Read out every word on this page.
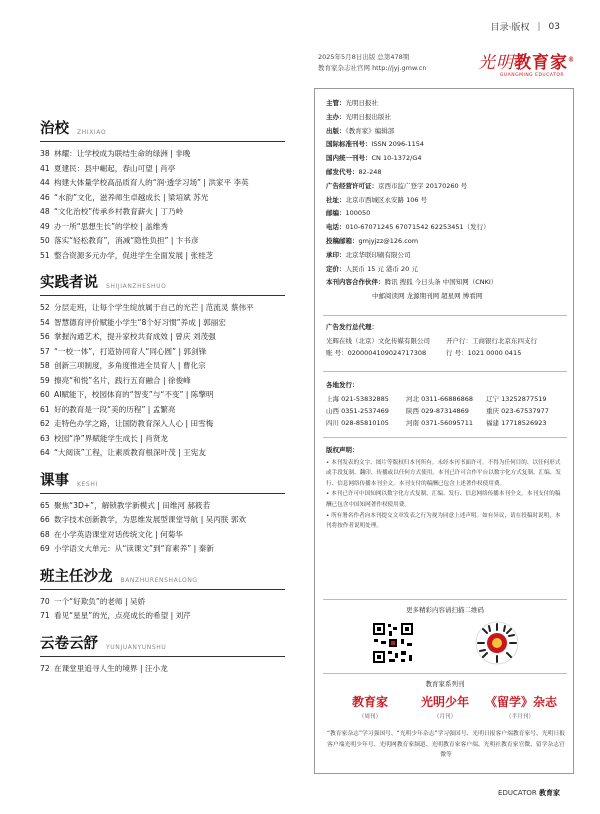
目录·版权 | 03
2025年5月8日出版 总第478期
教育家杂志社官网 http://jyj.gmw.cn	光明教育家®
GUANGMING EDUCATOR
治校 ZHIXIAO
38 林耀：让学校成为联结生命的绿洲 | 非晚
41 夏建民：县中崛起，春山可望 | 肖亭
44 构建大体量学校高品质育人的“润·透学习场” | 洪家平 李英
46 “水韵”文化，滋养师生卓越成长 | 梁培斌 苏光
48 “文化治校”传承乡村教育薪火 | 丁乃岭
49 办一所“思想生长”的学校 | 盖维秀
50 落实“轻松教育”，消减“隐性负担” | 卞书彦
51 整合资源多元办学，促进学生全面发展 | 张桂芝
实践者说 SHIJIANZHESHUO
52 分层走班，让每个学生绽放属于自己的光芒 | 范流灵 蔡伟平
54 智慧德育评价赋能小学生“8个好习惯”养成 | 郭丽宏
56 掌握沟通艺术，提升家校共育成效 | 曾庆 刘茂强
57 “一校一体”，打造协同育人“同心圆” | 郭剑锋
58 创新三项制度，多角度推进全员育人 | 曹化宗
59 擦亮“和悦”名片，践行五育融合 | 徐俊峰
60 AI赋能下，校园体育的“智变”与“不变” | 陈擎明
61 好的教育是一段“美的历程” | 孟繁亮
62 走特色办学之路，让国防教育深入人心 | 田雪梅
63 校园“净”界赋能学生成长 | 肖贤龙
64 “大阅读”工程，让素质教育根深叶茂 | 王宪友
课事 KESHI
65 聚焦“3D+”，解锁教学新模式 | 田维河 郝筱若
66 数字技术创新教学，为思维发展型课堂导航 | 吴丙朕 郭欢
68 在小学英语课堂对话传统文化 | 何菊华
69 小学语文大单元：从“读课文”到“育素养” | 秦新
班主任沙龙 BANZHURENSHALONG
70 一个“好欺负”的老师 | 吴娇
71 看见“星星”的光，点亮成长的希望 | 刘芹
云卷云舒 YUNJUANYUNSHU
72 在课堂里追寻人生的境界 | 汪小龙
主管：光明日报社
主办：光明日报出版社
出版：《教育家》编辑部
国际标准刊号：ISSN 2096-1154
国内统一刊号：CN 10-1372/G4
邮发代号：82-248
广告经营许可证：京西市监广登字 20170260 号
社址：北京市西城区永安路 106 号
邮编：100050
电话：010-67071245 67071542 62253451（发行）
投稿邮箱：gmjyjzz@126.com
承印：北京华联印刷有限公司
定价：人民币 15 元 港币 20 元
本刊内容合作伙伴：腾讯 搜狐 今日头条 中国知网（CNKI）
中邮阅读网 龙源期刊网 超星网 博看网
广告发行总代理：
光辉在线（北京）文化传媒有限公司	开户行：工商银行北京东四支行
账 号：0200004109024717308	行 号：1021 0000 0415
各地发行：
上海 021-53832885	河北 0311-66886868	辽宁 13252877519
山西 0351-2537469	陕西 029-87314869	重庆 023-67537977
四川 028-85810105	河南 0371-56095711	福建 17718526923
版权声明：
• 本刊发表的文字、图片等版权归本刊所有。未经本刊书面许可，不得为任何目的、以任何形式或手段复制、翻印、传播或以任何方式使用。本刊已许可合作平台以数字化方式复制、汇编、发行、信息网络传播本刊全文。本刊支付的稿酬已包含上述著作权使用费。
• 本刊已许可中国知网以数字化方式复制、汇编、发行、信息网络传播本刊全文。本刊支付的稿酬已包含中国知网著作权使用费。
• 所有署名作者向本刊提交文章发表之行为视为同意上述声明。如有异议，请在投稿时说明，本刊将按作者说明处理。
更多精彩内容请扫描二维码
教育家系列刊
教育家
（周刊）
光明少年
（月刊）
《留学》杂志
（半月刊）
“教育家杂志”学习强国号、“光明少年杂志”学习强国号、光明日报客户端教育家号、光明日报客户端光明少年号、光明网教育家频道、光明教育家客户端、光明社教育家官微、留学杂志官微等
EDUCATOR 教育家
